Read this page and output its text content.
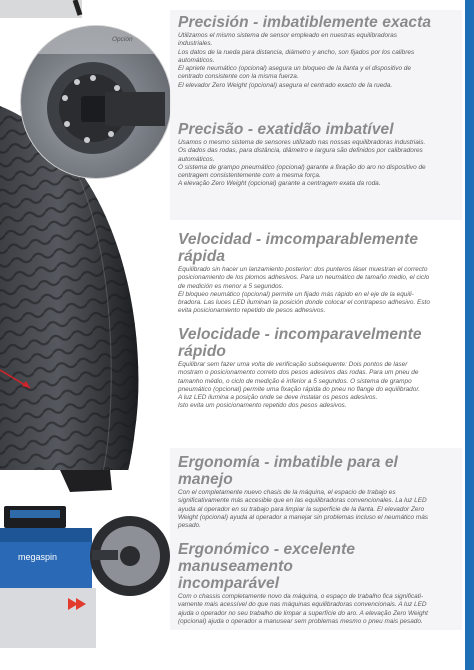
Opción
megaspin
Precisión - imbatiblemente exacta

Utilizamos el mismo sistema de sensor empleado en nuestras equilibradoras

industriales.

Los datos de la rueda para distancia, diámetro y ancho, son fijados por los calibres

automáticos.

El apriete neumático (opcional) asegura un bloqueo de la llanta y el dispositivo de

centrado consistente con la misma fuerza.

El elevador Zero Weight (opcional) asegura el centrado exacto de la rueda.

Precisão - exatidão imbatível

Usamos o mesmo sistema de sensores utilizado nas nossas equilibradoras industriais.

Os dados das rodas, para distância, diâmetro e largura são definidos por calibradores

automáticos.

O sistema de grampo pneumático (opcional) garante a fixação do aro no dispositivo de

centragem consistentemente com a mesma força.

A elevação Zero Weight (opcional) garante a centragem exata da roda.

Velocidad - imcomparablemente rápida

Equilibrado sin hacer un lanzamiento posterior: dos punteros láser muestran el correcto

posicionamiento de los plomos adhesivos. Para un neumático de tamaño medio, el ciclo

de medición es menor a 5 segundos.

El bloqueo neumático (opcional) permite un fijado más rápido en el eje de la equili-

bradora. Las luces LED iluminan la posición donde colocar el contrapeso adhesivo. Esto

evita posicionamiento repetido de pesos adhesivos.

Velocidade - incomparavelmente
rápido

Equilibrar sem fazer uma volta de verificação subsequente: Dois pontos de laser

mostram o posicionamento correto dos pesos adesivos das rodas. Para um pneu de

tamanho médio, o ciclo de medição é inferior a 5 segundos. O sistema de grampo

pneumático (opcional) permite uma fixação rápida do pneu no flange do equilibrador.

A luz LED ilumina a posição onde se deve instalar os pesos adesivos.

Isto evita um posicionamento repetido dos pesos adesivos.

Ergonomía - imbatible para el manejo

Con el completamente nuevo chasis de la máquina, el espacio de trabajo es

significativamente más accesible que en las equilibradoras convencionales. La luz LED

ayuda al operador en su trabajo para limpiar la superficie de la llanta. El elevador Zero

Weight (opcional) ayuda al operador a manejar sin problemas incluso el neumático más

pesado.

Ergonómico - excelente manuseamento
incomparável

Com o chassis completamente novo da máquina, o espaço de trabalho fica significati-

vamente mais acessível do que nas máquinas equilibradoras convencionais. A luz LED

ajuda o operador no seu trabalho de limpar a superfície do aro. A elevação Zero Weight

(opcional) ajuda o operador a manusear sem problemas mesmo o pneu mais pesado.
